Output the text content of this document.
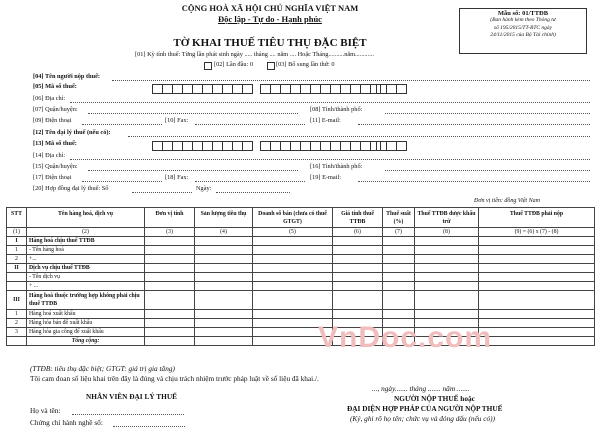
CỘNG HOÀ XÃ HỘI CHỦ NGHĨA VIỆT NAM
Độc lập - Tự do - Hạnh phúc
TỜ KHAI THUẾ TIÊU THỤ ĐẶC BIỆT
Mẫu số: 01/TTĐB
(Ban hành kèm theo Thông tư
số 195/2015/TT-BTC ngày
24/11/2015 của Bộ Tài chính)
[01] Kỳ tính thuế: Từng lần phát sinh ngày ..... tháng .... năm .... Hoặc Tháng..........năm............
[02] Lần đầu: 0	[03] Bổ sung lần thứ: 0
[04] Tên người nộp thuế:
[05] Mã số thuế:
[06] Địa chỉ:
[07] Quận/huyện:	[08] Tỉnh/thành phố:
[09] Điện thoại	[10] Fax:	[11] E-mail:
[12] Tên đại lý thuế (nếu có):
[13] Mã số thuế:
[14] Địa chỉ:
[15] Quận/huyện:	[16] Tỉnh/thành phố:
[17] Điện thoại	[18] Fax:	[19] E-mail:
[20] Hợp đồng đại lý thuế: Số	Ngày:
Đơn vị tiền: đồng Việt Nam
STT	Tên hàng hoá, dịch vụ	Đơn vị tính	Sản lượng tiêu thụ	Doanh số bán (chưa có thuế GTGT)	Giá tính thuế TTĐB	Thuế suất (%)	Thuế TTĐB được khấu trừ	Thuế TTĐB phải nộp
(1)	(2)	(3)	(4)	(5)	(6)	(7)	(8)	(9) = (6) x (7) - (8)
I	Hàng hoá chịu thuế TTĐB							
1	- Tên hàng hoá							
2	+...							
II	Dịch vụ chịu thuế TTĐB							
	- Tên dịch vụ							
	+ ...							
III	Hàng hoá thuộc trường hợp không phải chịu thuế TTĐB							
1	Hàng hoá xuất khẩu							
2	Hàng hóa bán để xuất khẩu							
3	Hàng hóa gia công để xuất khẩu							
	Tổng cộng:							
(TTĐB: tiêu thụ đặc biệt; GTGT: giá trị gia tăng)
Tôi cam đoan số liệu khai trên đây là đúng và chịu trách nhiệm trước pháp luật về số liệu đã khai./.
NHÂN VIÊN ĐẠI LÝ THUẾ
Họ và tên:
Chứng chỉ hành nghề số:
..., ngày....... tháng ....... năm .......
NGƯỜI NỘP THUẾ hoặc
ĐẠI DIỆN HỢP PHÁP CỦA NGƯỜI NỘP THUẾ
(Ký, ghi rõ họ tên; chức vụ và đóng dấu (nếu có))
VnDoc.com
